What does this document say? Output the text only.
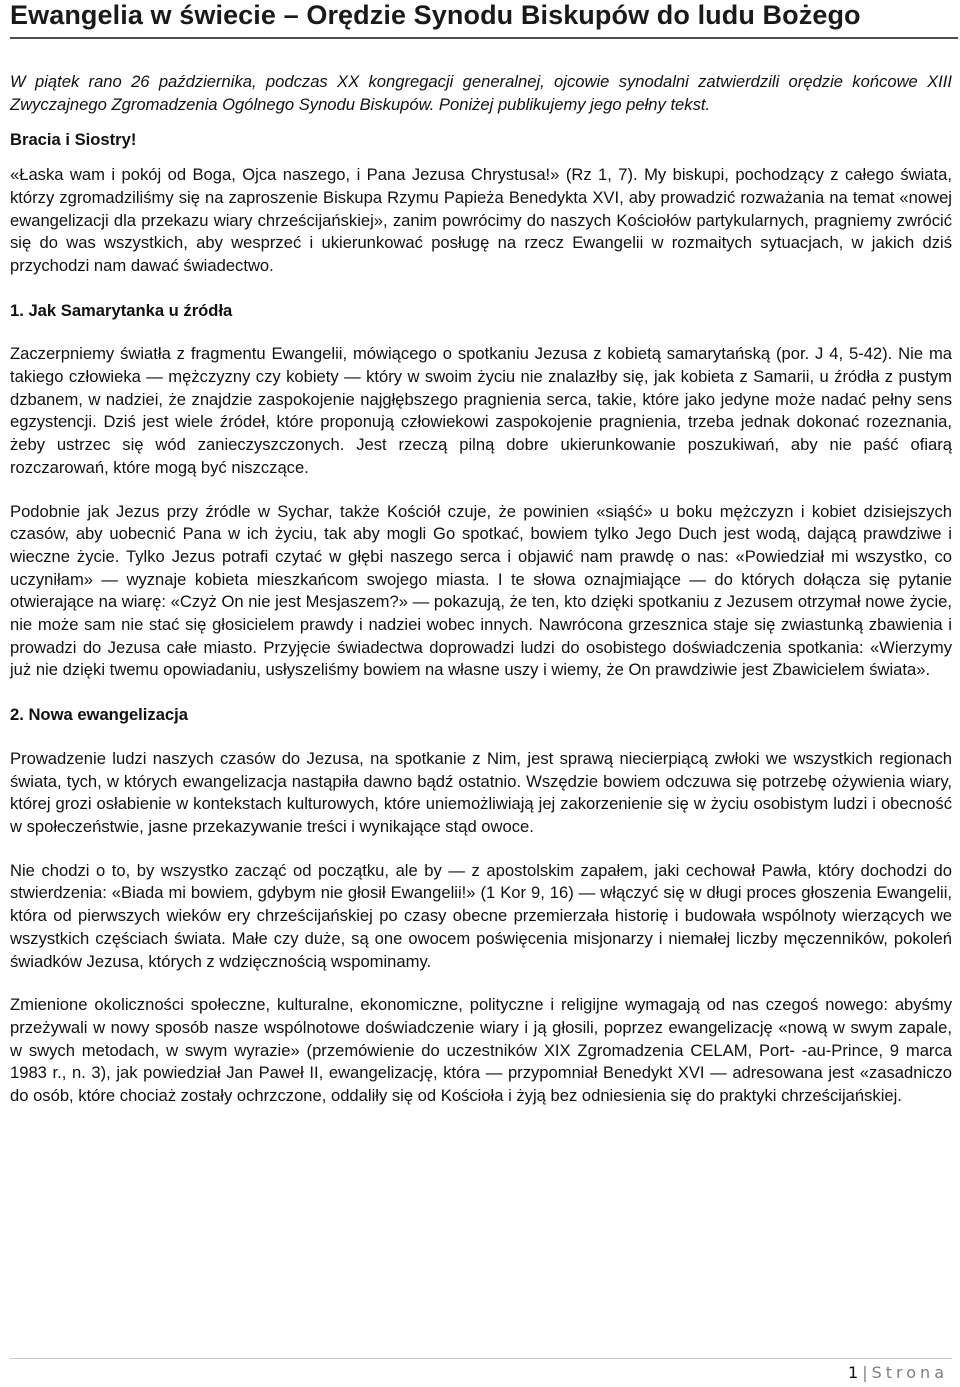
Ewangelia w świecie – Orędzie Synodu Biskupów do ludu Bożego

W piątek rano 26 października, podczas XX kongregacji generalnej, ojcowie synodalni zatwierdzili orędzie końcowe XIII Zwyczajnego Zgromadzenia Ogólnego Synodu Biskupów. Poniżej publikujemy jego pełny tekst.

Bracia i Siostry!

«Łaska wam i pokój od Boga, Ojca naszego, i Pana Jezusa Chrystusa!» (Rz 1, 7). My biskupi, pochodzący z całego świata, którzy zgromadziliśmy się na zaproszenie Biskupa Rzymu Papieża Benedykta XVI, aby prowadzić rozważania na temat «nowej ewangelizacji dla przekazu wiary chrześcijańskiej», zanim powrócimy do naszych Kościołów partykularnych, pragniemy zwrócić się do was wszystkich, aby wesprzeć i ukierunkować posługę na rzecz Ewangelii w rozmaitych sytuacjach, w jakich dziś przychodzi nam dawać świadectwo.

1. Jak Samarytanka u źródła

Zaczerpniemy światła z fragmentu Ewangelii, mówiącego o spotkaniu Jezusa z kobietą samarytańską (por. J 4, 5-42). Nie ma takiego człowieka — mężczyzny czy kobiety — który w swoim życiu nie znalazłby się, jak kobieta z Samarii, u źródła z pustym dzbanem, w nadziei, że znajdzie zaspokojenie najgłębszego pragnienia serca, takie, które jako jedyne może nadać pełny sens egzystencji. Dziś jest wiele źródeł, które proponują człowiekowi zaspokojenie pragnienia, trzeba jednak dokonać rozeznania, żeby ustrzec się wód zanieczyszczonych. Jest rzeczą pilną dobre ukierunkowanie poszukiwań, aby nie paść ofiarą rozczarowań, które mogą być niszczące.

Podobnie jak Jezus przy źródle w Sychar, także Kościół czuje, że powinien «siąść» u boku mężczyzn i kobiet dzisiejszych czasów, aby uobecnić Pana w ich życiu, tak aby mogli Go spotkać, bowiem tylko Jego Duch jest wodą, dającą prawdziwe i wieczne życie. Tylko Jezus potrafi czytać w głębi naszego serca i objawić nam prawdę o nas: «Powiedział mi wszystko, co uczyniłam» — wyznaje kobieta mieszkańcom swojego miasta. I te słowa oznajmiające — do których dołącza się pytanie otwierające na wiarę: «Czyż On nie jest Mesjaszem?» — pokazują, że ten, kto dzięki spotkaniu z Jezusem otrzymał nowe życie, nie może sam nie stać się głosicielem prawdy i nadziei wobec innych. Nawrócona grzesznica staje się zwiastunką zbawienia i prowadzi do Jezusa całe miasto. Przyjęcie świadectwa doprowadzi ludzi do osobistego doświadczenia spotkania: «Wierzymy już nie dzięki twemu opowiadaniu, usłyszeliśmy bowiem na własne uszy i wiemy, że On prawdziwie jest Zbawicielem świata».

2. Nowa ewangelizacja

Prowadzenie ludzi naszych czasów do Jezusa, na spotkanie z Nim, jest sprawą niecierpiącą zwłoki we wszystkich regionach świata, tych, w których ewangelizacja nastąpiła dawno bądź ostatnio. Wszędzie bowiem odczuwa się potrzebę ożywienia wiary, której grozi osłabienie w kontekstach kulturowych, które uniemożliwiają jej zakorzenienie się w życiu osobistym ludzi i obecność w społeczeństwie, jasne przekazywanie treści i wynikające stąd owoce.

Nie chodzi o to, by wszystko zacząć od początku, ale by — z apostolskim zapałem, jaki cechował Pawła, który dochodzi do stwierdzenia: «Biada mi bowiem, gdybym nie głosił Ewangelii!» (1 Kor 9, 16) — włączyć się w długi proces głoszenia Ewangelii, która od pierwszych wieków ery chrześcijańskiej po czasy obecne przemierzała historię i budowała wspólnoty wierzących we wszystkich częściach świata. Małe czy duże, są one owocem poświęcenia misjonarzy i niemałej liczby męczenników, pokoleń świadków Jezusa, których z wdzięcznością wspominamy.

Zmienione okoliczności społeczne, kulturalne, ekonomiczne, polityczne i religijne wymagają od nas czegoś nowego: abyśmy przeżywali w nowy sposób nasze wspólnotowe doświadczenie wiary i ją głosili, poprzez ewangelizację «nową w swym zapale, w swych metodach, w swym wyrazie» (przemówienie do uczestników XIX Zgromadzenia CELAM, Port- -au-Prince, 9 marca 1983 r., n. 3), jak powiedział Jan Paweł II, ewangelizację, która — przypomniał Benedykt XVI — adresowana jest «zasadniczo do osób, które chociaż zostały ochrzczone, oddaliły się od Kościoła i żyją bez odniesienia się do praktyki chrześcijańskiej.

1 | Strona
